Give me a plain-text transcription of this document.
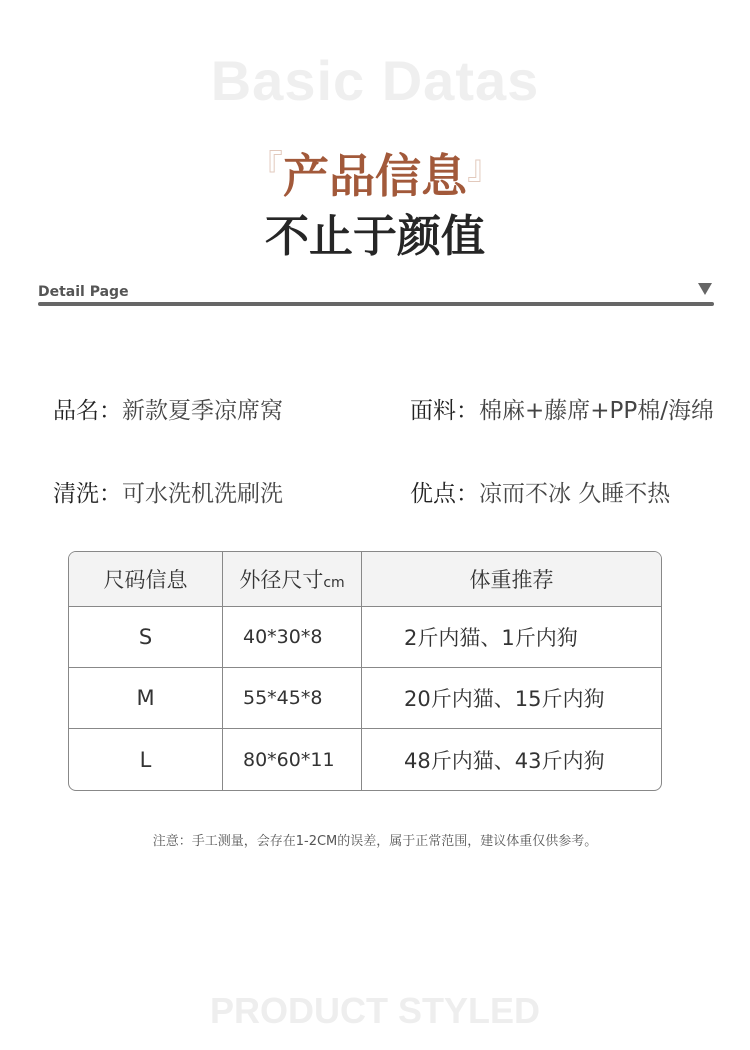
Basic Datas
『产品信息』
不止于颜值
Detail Page
品名：新款夏季凉席窝	面料：棉麻+藤席+PP棉/海绵
清洗：可水洗机洗刷洗	优点：凉而不冰 久睡不热
尺码信息	外径尺寸cm	体重推荐
S	40*30*8	2斤内猫、1斤内狗
M	55*45*8	20斤内猫、15斤内狗
L	80*60*11	48斤内猫、43斤内狗
注意：手工测量，会存在1-2CM的误差，属于正常范围，建议体重仅供参考。
PRODUCT STYLED
